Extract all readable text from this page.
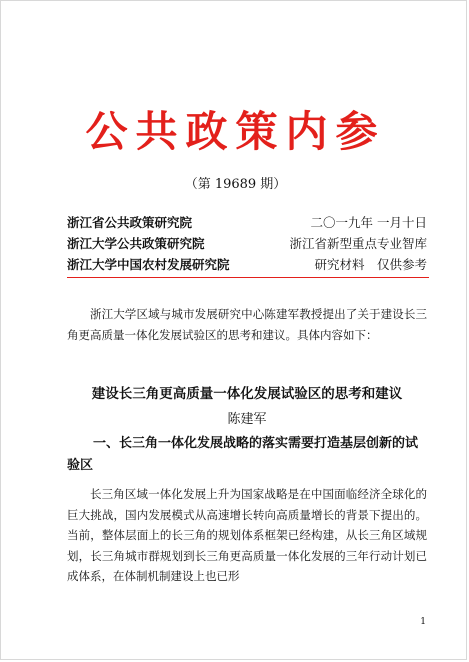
公共政策内参
（第 19689 期）
浙江省公共政策研究院	二〇一九年 一月十日
浙江大学公共政策研究院	浙江省新型重点专业智库
浙江大学中国农村发展研究院	研究材料　仅供参考

浙江大学区域与城市发展研究中心陈建军教授提出了关于建设长三角更高质量一体化发展试验区的思考和建议。具体内容如下：

建设长三角更高质量一体化发展试验区的思考和建议
陈建军

一、长三角一体化发展战略的落实需要打造基层创新的试验区

长三角区域一体化发展上升为国家战略是在中国面临经济全球化的巨大挑战，国内发展模式从高速增长转向高质量增长的背景下提出的。当前，整体层面上的长三角的规划体系框架已经构建，从长三角区域规划，长三角城市群规划到长三角更高质量一体化发展的三年行动计划已成体系，在体制机制建设上也已形

1
